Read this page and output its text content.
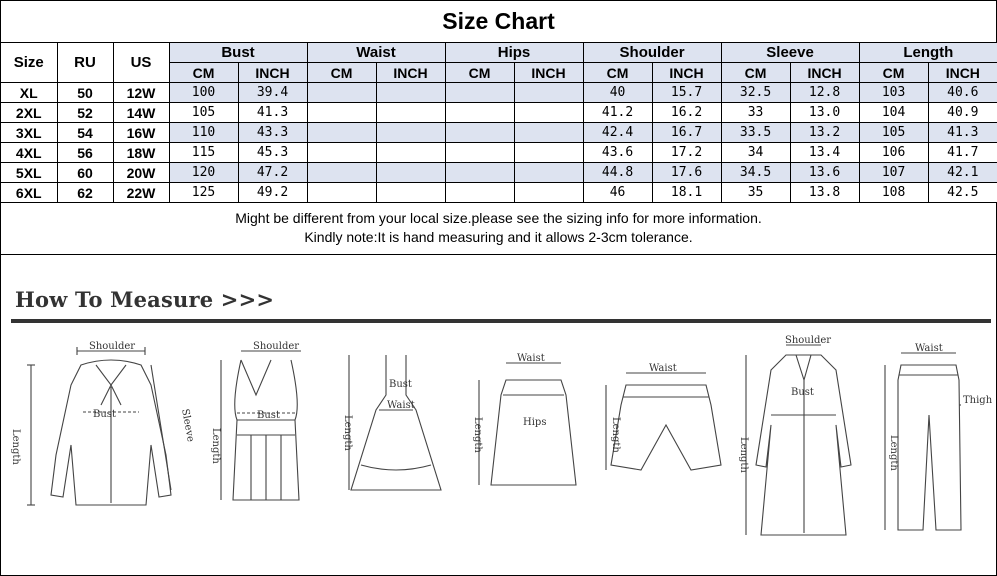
Size Chart
Size	RU	US	Bust		Waist		Hips		Shoulder		Sleeve		Length	
			CM	INCH	CM	INCH	CM	INCH	CM	INCH	CM	INCH	CM	INCH
XL	50	12W	100	39.4					40	15.7	32.5	12.8	103	40.6
2XL	52	14W	105	41.3					41.2	16.2	33	13.0	104	40.9
3XL	54	16W	110	43.3					42.4	16.7	33.5	13.2	105	41.3
4XL	56	18W	115	45.3					43.6	17.2	34	13.4	106	41.7
5XL	60	20W	120	47.2					44.8	17.6	34.5	13.6	107	42.1
6XL	62	22W	125	49.2					46	18.1	35	13.8	108	42.5
Might be different from your local size.please see the sizing info for more information.
Kindly note:It is hand measuring and it allows 2-3cm tolerance.
How To Measure >>>
Shoulder
Bust
Length
Sleeve
Shoulder
Bust
Length
Bust
Waist
Length
Waist
Hips
Length
Waist
Length
Shoulder
Bust
Length
Waist
Thigh
Length
